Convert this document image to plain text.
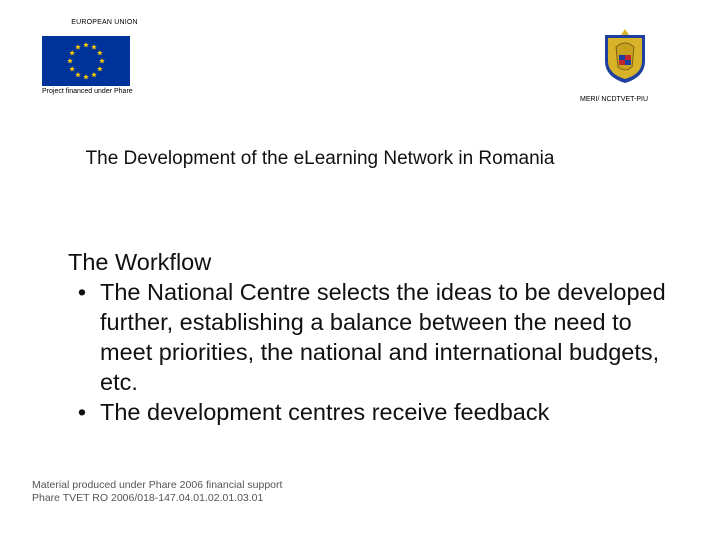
EUROPEAN UNION
Project financed under Phare
MERI/ NCDTVET-PIU
The Development of the eLearning Network in Romania

The Workflow

• The National Centre selects the ideas to be developed further, establishing a balance between the need to meet priorities, the national and international budgets, etc.
• The development centres receive feedback
Material produced under Phare 2006 financial support
Phare TVET RO 2006/018-147.04.01.02.01.03.01
